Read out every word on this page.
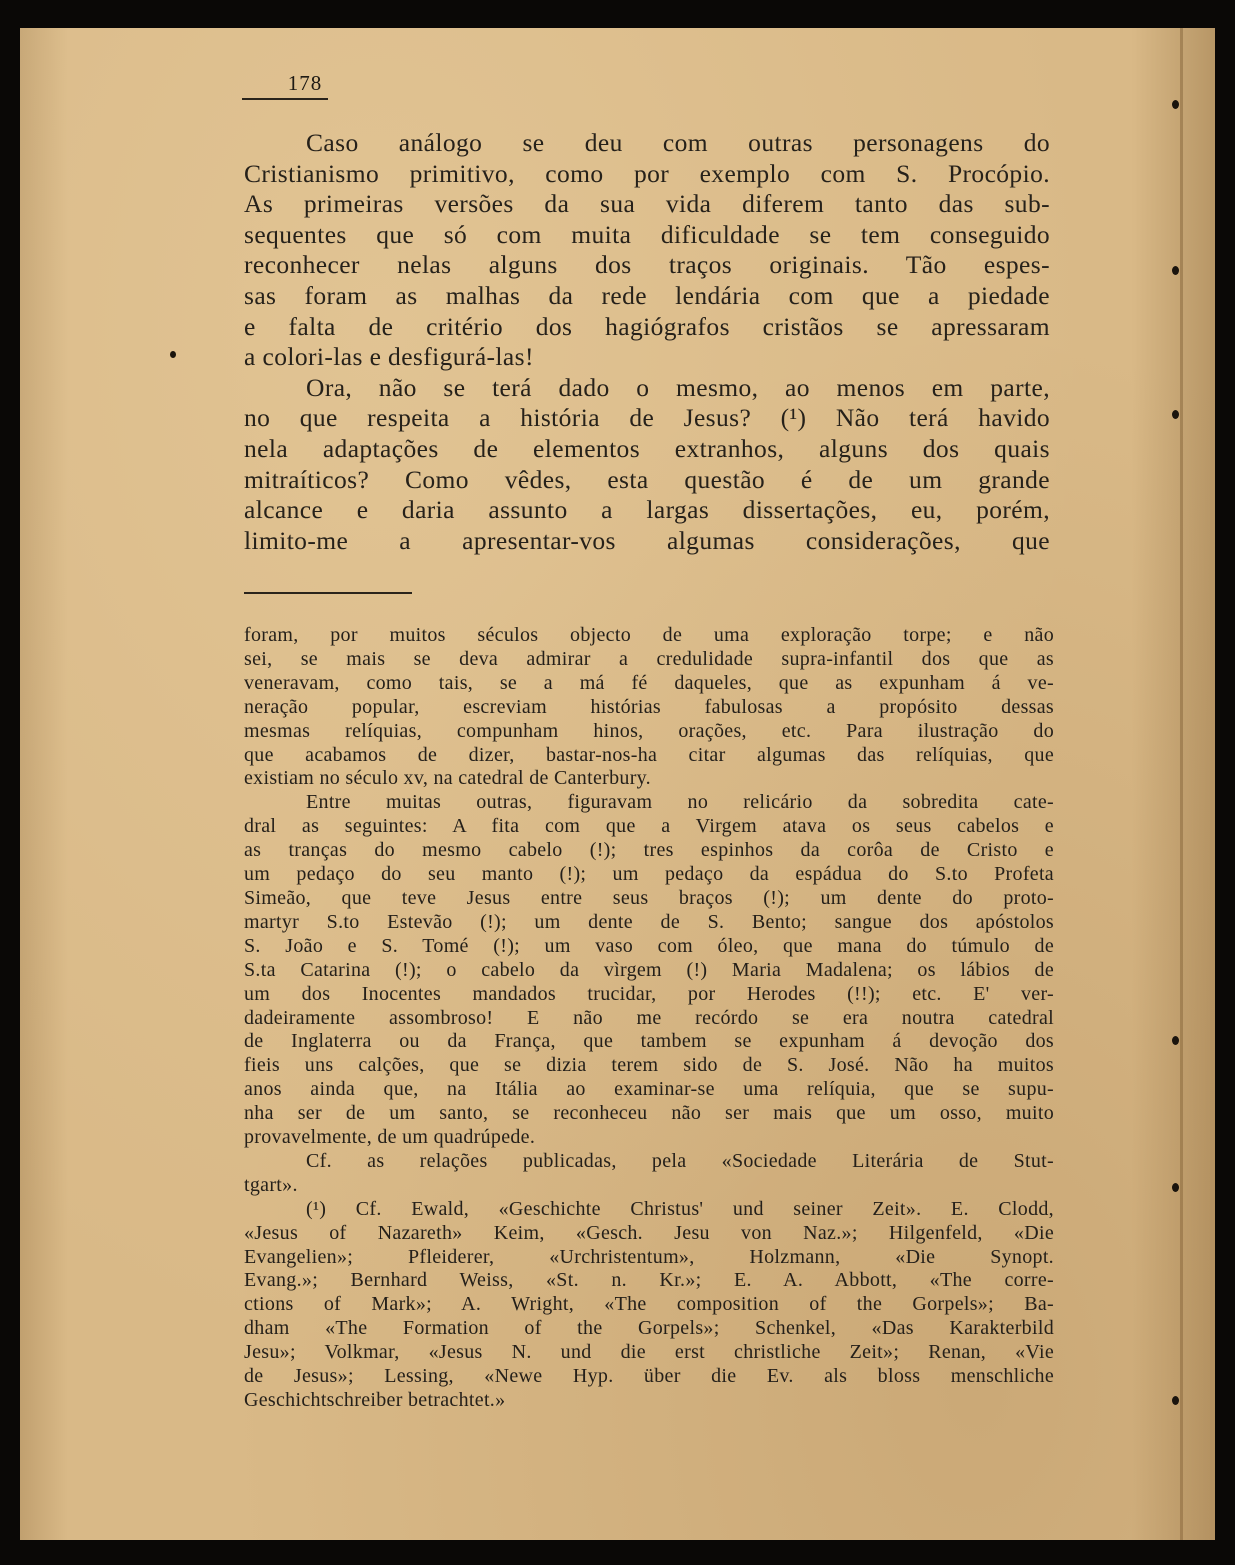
178
Caso análogo se deu com outras personagens do
Cristianismo primitivo, como por exemplo com S. Procópio.
As primeiras versões da sua vida diferem tanto das sub-
sequentes que só com muita dificuldade se tem conseguido
reconhecer nelas alguns dos traços originais. Tão espes-
sas foram as malhas da rede lendária com que a piedade
e falta de critério dos hagiógrafos cristãos se apressaram
a colori-las e desfigurá-las!
Ora, não se terá dado o mesmo, ao menos em parte,
no que respeita a história de Jesus? (¹) Não terá havido
nela adaptações de elementos extranhos, alguns dos quais
mitraíticos? Como vêdes, esta questão é de um grande
alcance e daria assunto a largas dissertações, eu, porém,
limito-me a apresentar-vos algumas considerações, que
foram, por muitos séculos objecto de uma exploração torpe; e não
sei, se mais se deva admirar a credulidade supra-infantil dos que as
veneravam, como tais, se a má fé daqueles, que as expunham á ve-
neração popular, escreviam histórias fabulosas a propósito dessas
mesmas relíquias, compunham hinos, orações, etc. Para ilustração do
que acabamos de dizer, bastar-nos-ha citar algumas das relíquias, que
existiam no século xv, na catedral de Canterbury.
Entre muitas outras, figuravam no relicário da sobredita cate-
dral as seguintes: A fita com que a Virgem atava os seus cabelos e
as tranças do mesmo cabelo (!); tres espinhos da corôa de Cristo e
um pedaço do seu manto (!); um pedaço da espádua do S.to Profeta
Simeão, que teve Jesus entre seus braços (!); um dente do proto-
martyr S.to Estevão (!); um dente de S. Bento; sangue dos apóstolos
S. João e S. Tomé (!); um vaso com óleo, que mana do túmulo de
S.ta Catarina (!); o cabelo da vìrgem (!) Maria Madalena; os lábios de
um dos Inocentes mandados trucidar, por Herodes (!!); etc. E' ver-
dadeiramente assombroso! E não me recórdo se era noutra catedral
de Inglaterra ou da França, que tambem se expunham á devoção dos
fieis uns calções, que se dizia terem sido de S. José. Não ha muitos
anos ainda que, na Itália ao examinar-se uma relíquia, que se supu-
nha ser de um santo, se reconheceu não ser mais que um osso, muito
provavelmente, de um quadrúpede.
Cf. as relações publicadas, pela «Sociedade Literária de Stut-
tgart».
(¹) Cf. Ewald, «Geschichte Christus' und seiner Zeit». E. Clodd,
«Jesus of Nazareth» Keim, «Gesch. Jesu von Naz.»; Hilgenfeld, «Die
Evangelien»; Pfleiderer, «Urchristentum», Holzmann, «Die Synopt.
Evang.»; Bernhard Weiss, «St. n. Kr.»; E. A. Abbott, «The corre-
ctions of Mark»; A. Wright, «The composition of the Gorpels»; Ba-
dham «The Formation of the Gorpels»; Schenkel, «Das Karakterbild
Jesu»; Volkmar, «Jesus N. und die erst christliche Zeit»; Renan, «Vie
de Jesus»; Lessing, «Newe Hyp. über die Ev. als bloss menschliche
Geschichtschreiber betrachtet.»
